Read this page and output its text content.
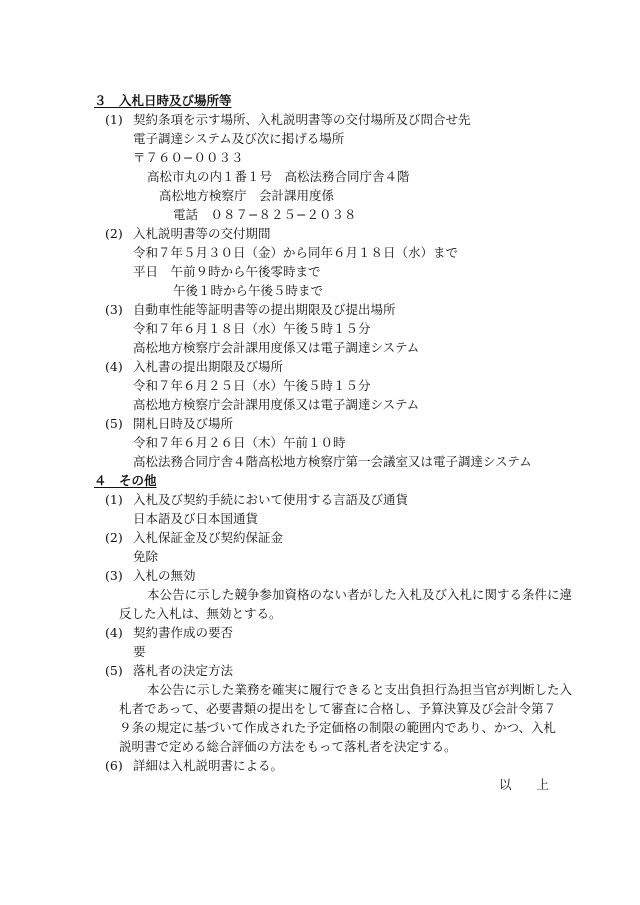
３　入札日時及び場所等
(1) 契約条項を示す場所、入札説明書等の交付場所及び問合せ先
電子調達システム及び次に掲げる場所
〒７６０−００３３
高松市丸の内１番１号　高松法務合同庁舎４階
高松地方検察庁　会計課用度係
電話　０８７−８２５−２０３８
(2) 入札説明書等の交付期間
令和７年５月３０日（金）から同年６月１８日（水）まで
平日　午前９時から午後零時まで
午後１時から午後５時まで
(3) 自動車性能等証明書等の提出期限及び提出場所
令和７年６月１８日（水）午後５時１５分
高松地方検察庁会計課用度係又は電子調達システム
(4) 入札書の提出期限及び場所
令和７年６月２５日（水）午後５時１５分
高松地方検察庁会計課用度係又は電子調達システム
(5) 開札日時及び場所
令和７年６月２６日（木）午前１０時
高松法務合同庁舎４階高松地方検察庁第一会議室又は電子調達システム
４　その他
(1) 入札及び契約手続において使用する言語及び通貨
日本語及び日本国通貨
(2) 入札保証金及び契約保証金
免除
(3) 入札の無効
本公告に示した競争参加資格のない者がした入札及び入札に関する条件に違
反した入札は、無効とする。
(4) 契約書作成の要否
要
(5) 落札者の決定方法
本公告に示した業務を確実に履行できると支出負担行為担当官が判断した入
札者であって、必要書類の提出をして審査に合格し、予算決算及び会計令第７
９条の規定に基づいて作成された予定価格の制限の範囲内であり、かつ、入札
説明書で定める総合評価の方法をもって落札者を決定する。
(6) 詳細は入札説明書による。
以　　上
